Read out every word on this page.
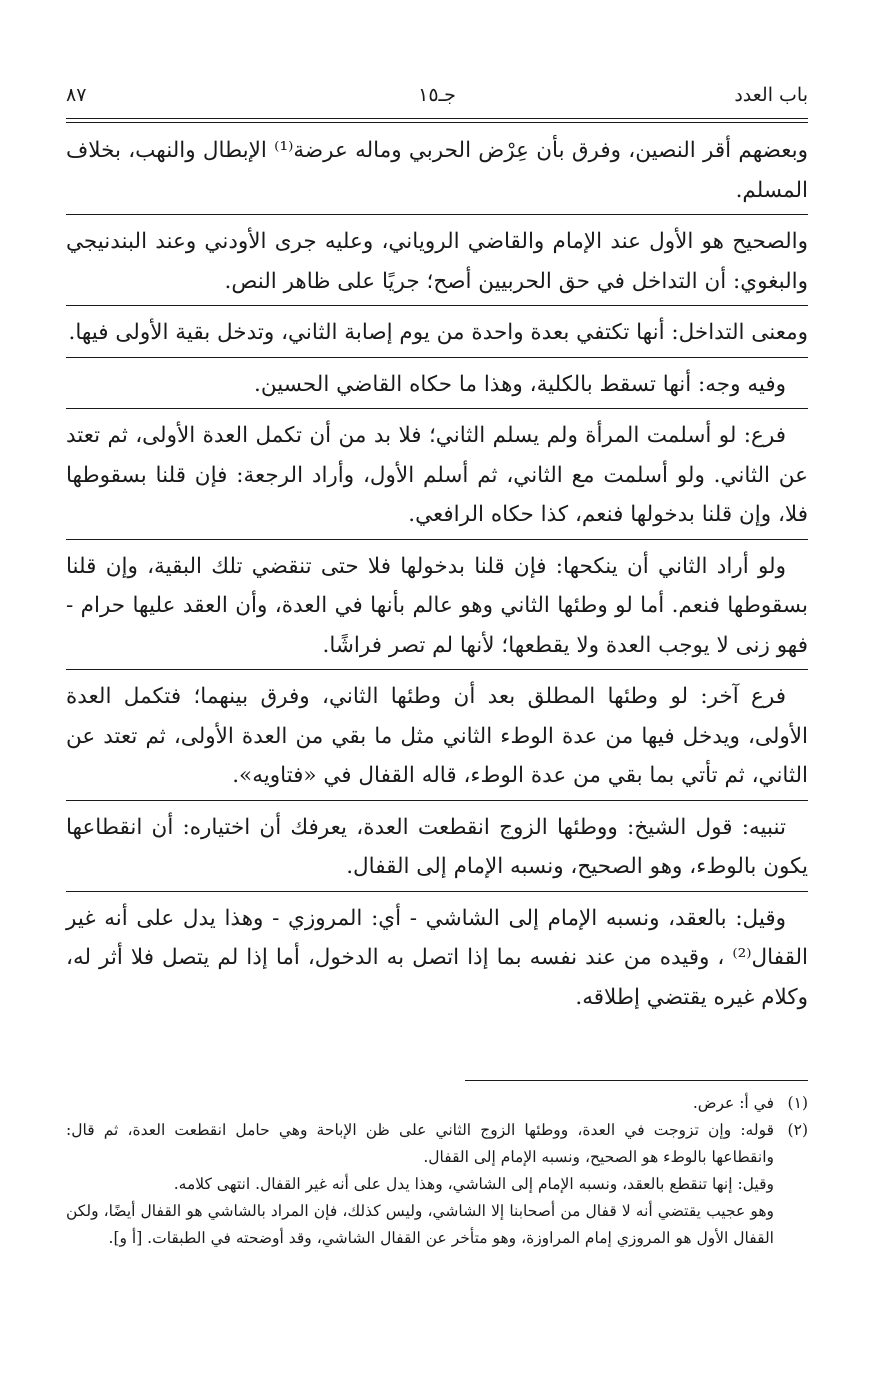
باب العدد
جـ١٥
٨٧

وبعضهم أقر النصين، وفرق بأن عِرْض الحربي وماله عرضة⁽¹⁾ الإبطال والنهب، بخلاف المسلم.

والصحيح هو الأول عند الإمام والقاضي الروياني، وعليه جرى الأودني وعند البندنيجي والبغوي: أن التداخل في حق الحربيين أصح؛ جريًا على ظاهر النص.

ومعنى التداخل: أنها تكتفي بعدة واحدة من يوم إصابة الثاني، وتدخل بقية الأولى فيها.

وفيه وجه: أنها تسقط بالكلية، وهذا ما حكاه القاضي الحسين.

فرع: لو أسلمت المرأة ولم يسلم الثاني؛ فلا بد من أن تكمل العدة الأولى، ثم تعتد عن الثاني. ولو أسلمت مع الثاني، ثم أسلم الأول، وأراد الرجعة: فإن قلنا بسقوطها فلا، وإن قلنا بدخولها فنعم، كذا حكاه الرافعي.

ولو أراد الثاني أن ينكحها: فإن قلنا بدخولها فلا حتى تنقضي تلك البقية، وإن قلنا بسقوطها فنعم. أما لو وطئها الثاني وهو عالم بأنها في العدة، وأن العقد عليها حرام - فهو زنى لا يوجب العدة ولا يقطعها؛ لأنها لم تصر فراشًا.

فرع آخر: لو وطئها المطلق بعد أن وطئها الثاني، وفرق بينهما؛ فتكمل العدة الأولى، ويدخل فيها من عدة الوطء الثاني مثل ما بقي من العدة الأولى، ثم تعتد عن الثاني، ثم تأتي بما بقي من عدة الوطء، قاله القفال في «فتاويه».

تنبيه: قول الشيخ: ووطئها الزوج انقطعت العدة، يعرفك أن اختياره: أن انقطاعها يكون بالوطء، وهو الصحيح، ونسبه الإمام إلى القفال.

وقيل: بالعقد، ونسبه الإمام إلى الشاشي - أي: المروزي - وهذا يدل على أنه غير القفال⁽²⁾ ، وقيده من عند نفسه بما إذا اتصل به الدخول، أما إذا لم يتصل فلا أثر له، وكلام غيره يقتضي إطلاقه.

(١)
في أ: عرض.
(٢)
قوله: وإن تزوجت في العدة، ووطئها الزوج الثاني على ظن الإباحة وهي حامل انقطعت العدة، ثم قال: وانقطاعها بالوطء هو الصحيح، ونسبه الإمام إلى القفال.
وقيل: إنها تنقطع بالعقد، ونسبه الإمام إلى الشاشي، وهذا يدل على أنه غير القفال. انتهى كلامه.
وهو عجيب يقتضي أنه لا قفال من أصحابنا إلا الشاشي، وليس كذلك، فإن المراد بالشاشي هو القفال أيضًا، ولكن القفال الأول هو المروزي إمام المراوزة، وهو متأخر عن القفال الشاشي، وقد أوضحته في الطبقات. [أ و].
